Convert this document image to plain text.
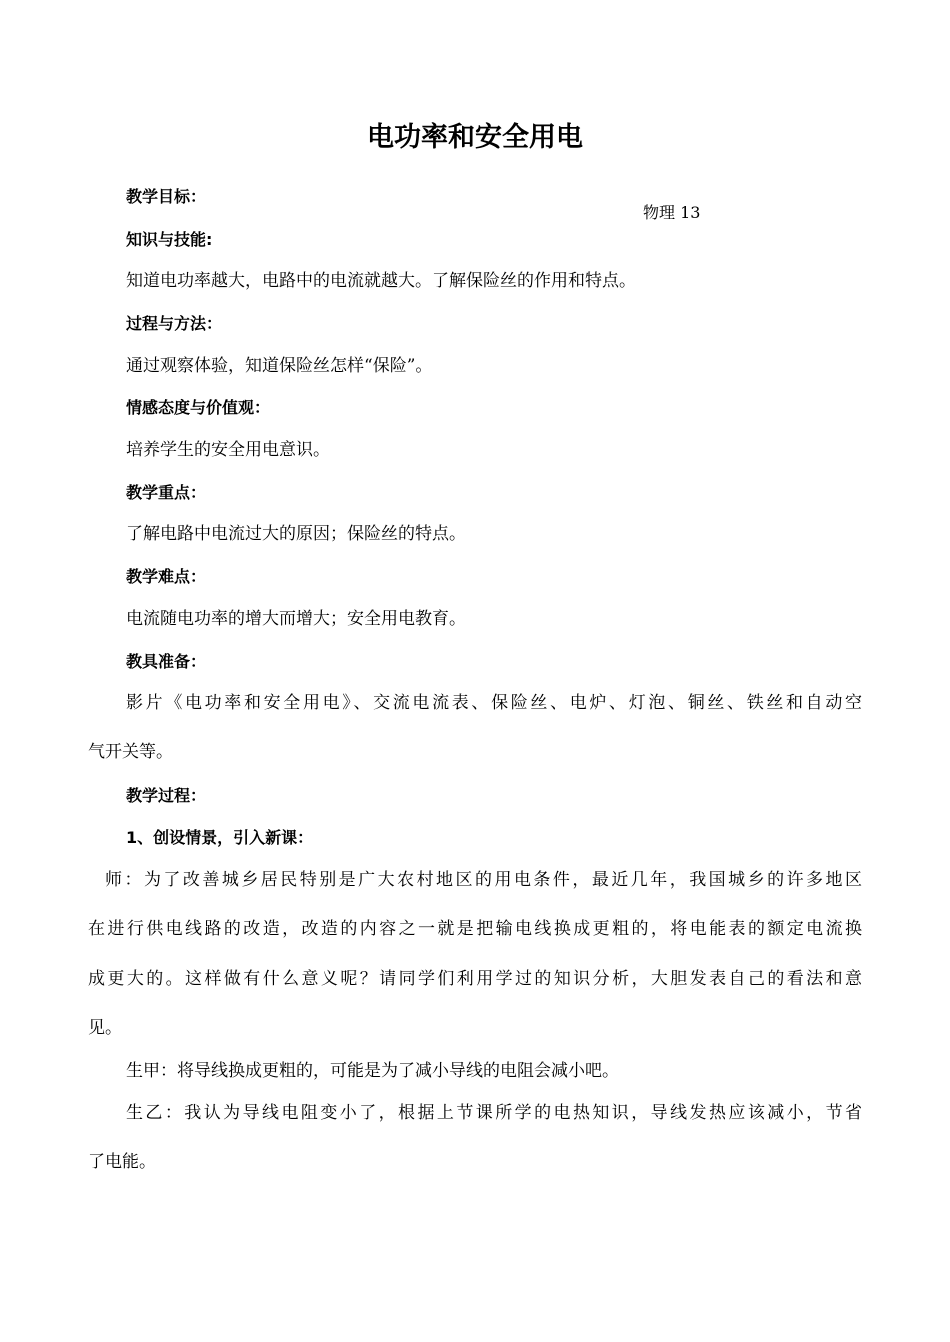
电功率和安全用电
物理 13
教学目标：
知识与技能:
知道电功率越大，电路中的电流就越大。了解保险丝的作用和特点。
过程与方法：
通过观察体验，知道保险丝怎样“保险”。
情感态度与价值观：
培养学生的安全用电意识。
教学重点：
了解电路中电流过大的原因；保险丝的特点。
教学难点：
电流随电功率的增大而增大；安全用电教育。
教具准备：
影片《电功率和安全用电》、交流电流表、保险丝、电炉、灯泡、铜丝、铁丝和自动空
气开关等。
教学过程：
1、创设情景，引入新课：
师：为了改善城乡居民特别是广大农村地区的用电条件，最近几年，我国城乡的许多地区
在进行供电线路的改造，改造的内容之一就是把输电线换成更粗的，将电能表的额定电流换
成更大的。这样做有什么意义呢？请同学们利用学过的知识分析，大胆发表自己的看法和意
见。
生甲：将导线换成更粗的，可能是为了减小导线的电阻会减小吧。
生乙：我认为导线电阻变小了，根据上节课所学的电热知识，导线发热应该减小，节省
了电能。
